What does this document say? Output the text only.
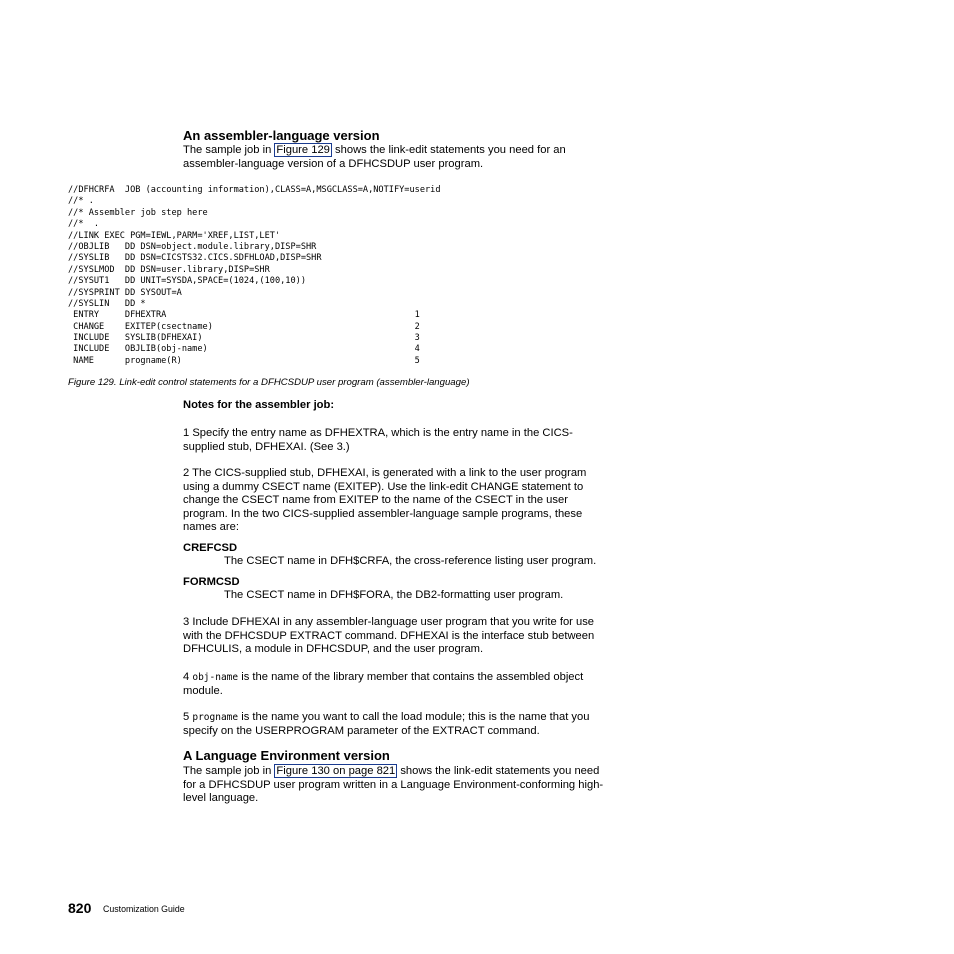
An assembler-language version
The sample job in Figure 129 shows the link-edit statements you need for an assembler-language version of a DFHCSDUP user program.
//DFHCRFA  JOB (accounting information),CLASS=A,MSGCLASS=A,NOTIFY=userid
//* .
//* Assembler job step here
//*  .
//LINK EXEC PGM=IEWL,PARM='XREF,LIST,LET'
//OBJLIB   DD DSN=object.module.library,DISP=SHR
//SYSLIB   DD DSN=CICSTS32.CICS.SDFHLOAD,DISP=SHR
//SYSLMOD  DD DSN=user.library,DISP=SHR
//SYSUT1   DD UNIT=SYSDA,SPACE=(1024,(100,10))
//SYSPRINT DD SYSOUT=A
//SYSLIN   DD *
ENTRY     DFHEXTRA                                                1
CHANGE    EXITEP(csectname)                                       2
INCLUDE   SYSLIB(DFHEXAI)                                         3
INCLUDE   OBJLIB(obj-name)                                        4
NAME      progname(R)                                             5
Figure 129. Link-edit control statements for a DFHCSDUP user program (assembler-language)
Notes for the assembler job:
1 Specify the entry name as DFHEXTRA, which is the entry name in the CICS-supplied stub, DFHEXAI. (See 3.)
2 The CICS-supplied stub, DFHEXAI, is generated with a link to the user program using a dummy CSECT name (EXITEP). Use the link-edit CHANGE statement to change the CSECT name from EXITEP to the name of the CSECT in the user program. In the two CICS-supplied assembler-language sample programs, these names are:
CREFCSD
The CSECT name in DFH$CRFA, the cross-reference listing user program.
FORMCSD
The CSECT name in DFH$FORA, the DB2-formatting user program.
3 Include DFHEXAI in any assembler-language user program that you write for use with the DFHCSDUP EXTRACT command. DFHEXAI is the interface stub between DFHCULIS, a module in DFHCSDUP, and the user program.
4 obj-name is the name of the library member that contains the assembled object module.
5 progname is the name you want to call the load module; this is the name that you specify on the USERPROGRAM parameter of the EXTRACT command.
A Language Environment version
The sample job in Figure 130 on page 821 shows the link-edit statements you need for a DFHCSDUP user program written in a Language Environment-conforming high-level language.
820 Customization Guide
